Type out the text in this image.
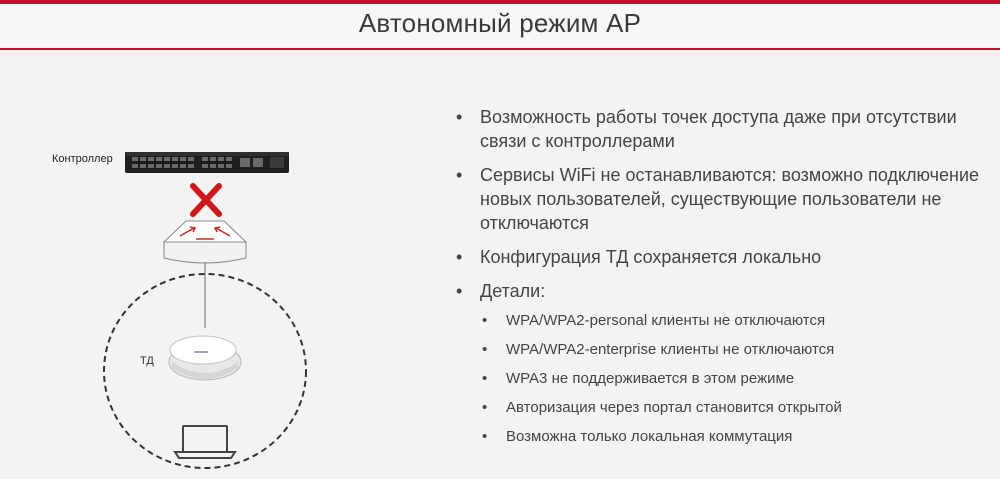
Автономный режим АР
Контроллер
ТД
• Возможность работы точек доступа даже при отсутствии связи с контроллерами
• Сервисы WiFi не останавливаются: возможно подключение новых пользователей, существующие пользователи не отключаются
• Конфигурация ТД сохраняется локально
• Детали:
• WPA/WPA2-personal клиенты не отключаются
• WPA/WPA2-enterprise клиенты не отключаются
• WPA3 не поддерживается в этом режиме
• Авторизация через портал становится открытой
• Возможна только локальная коммутация
